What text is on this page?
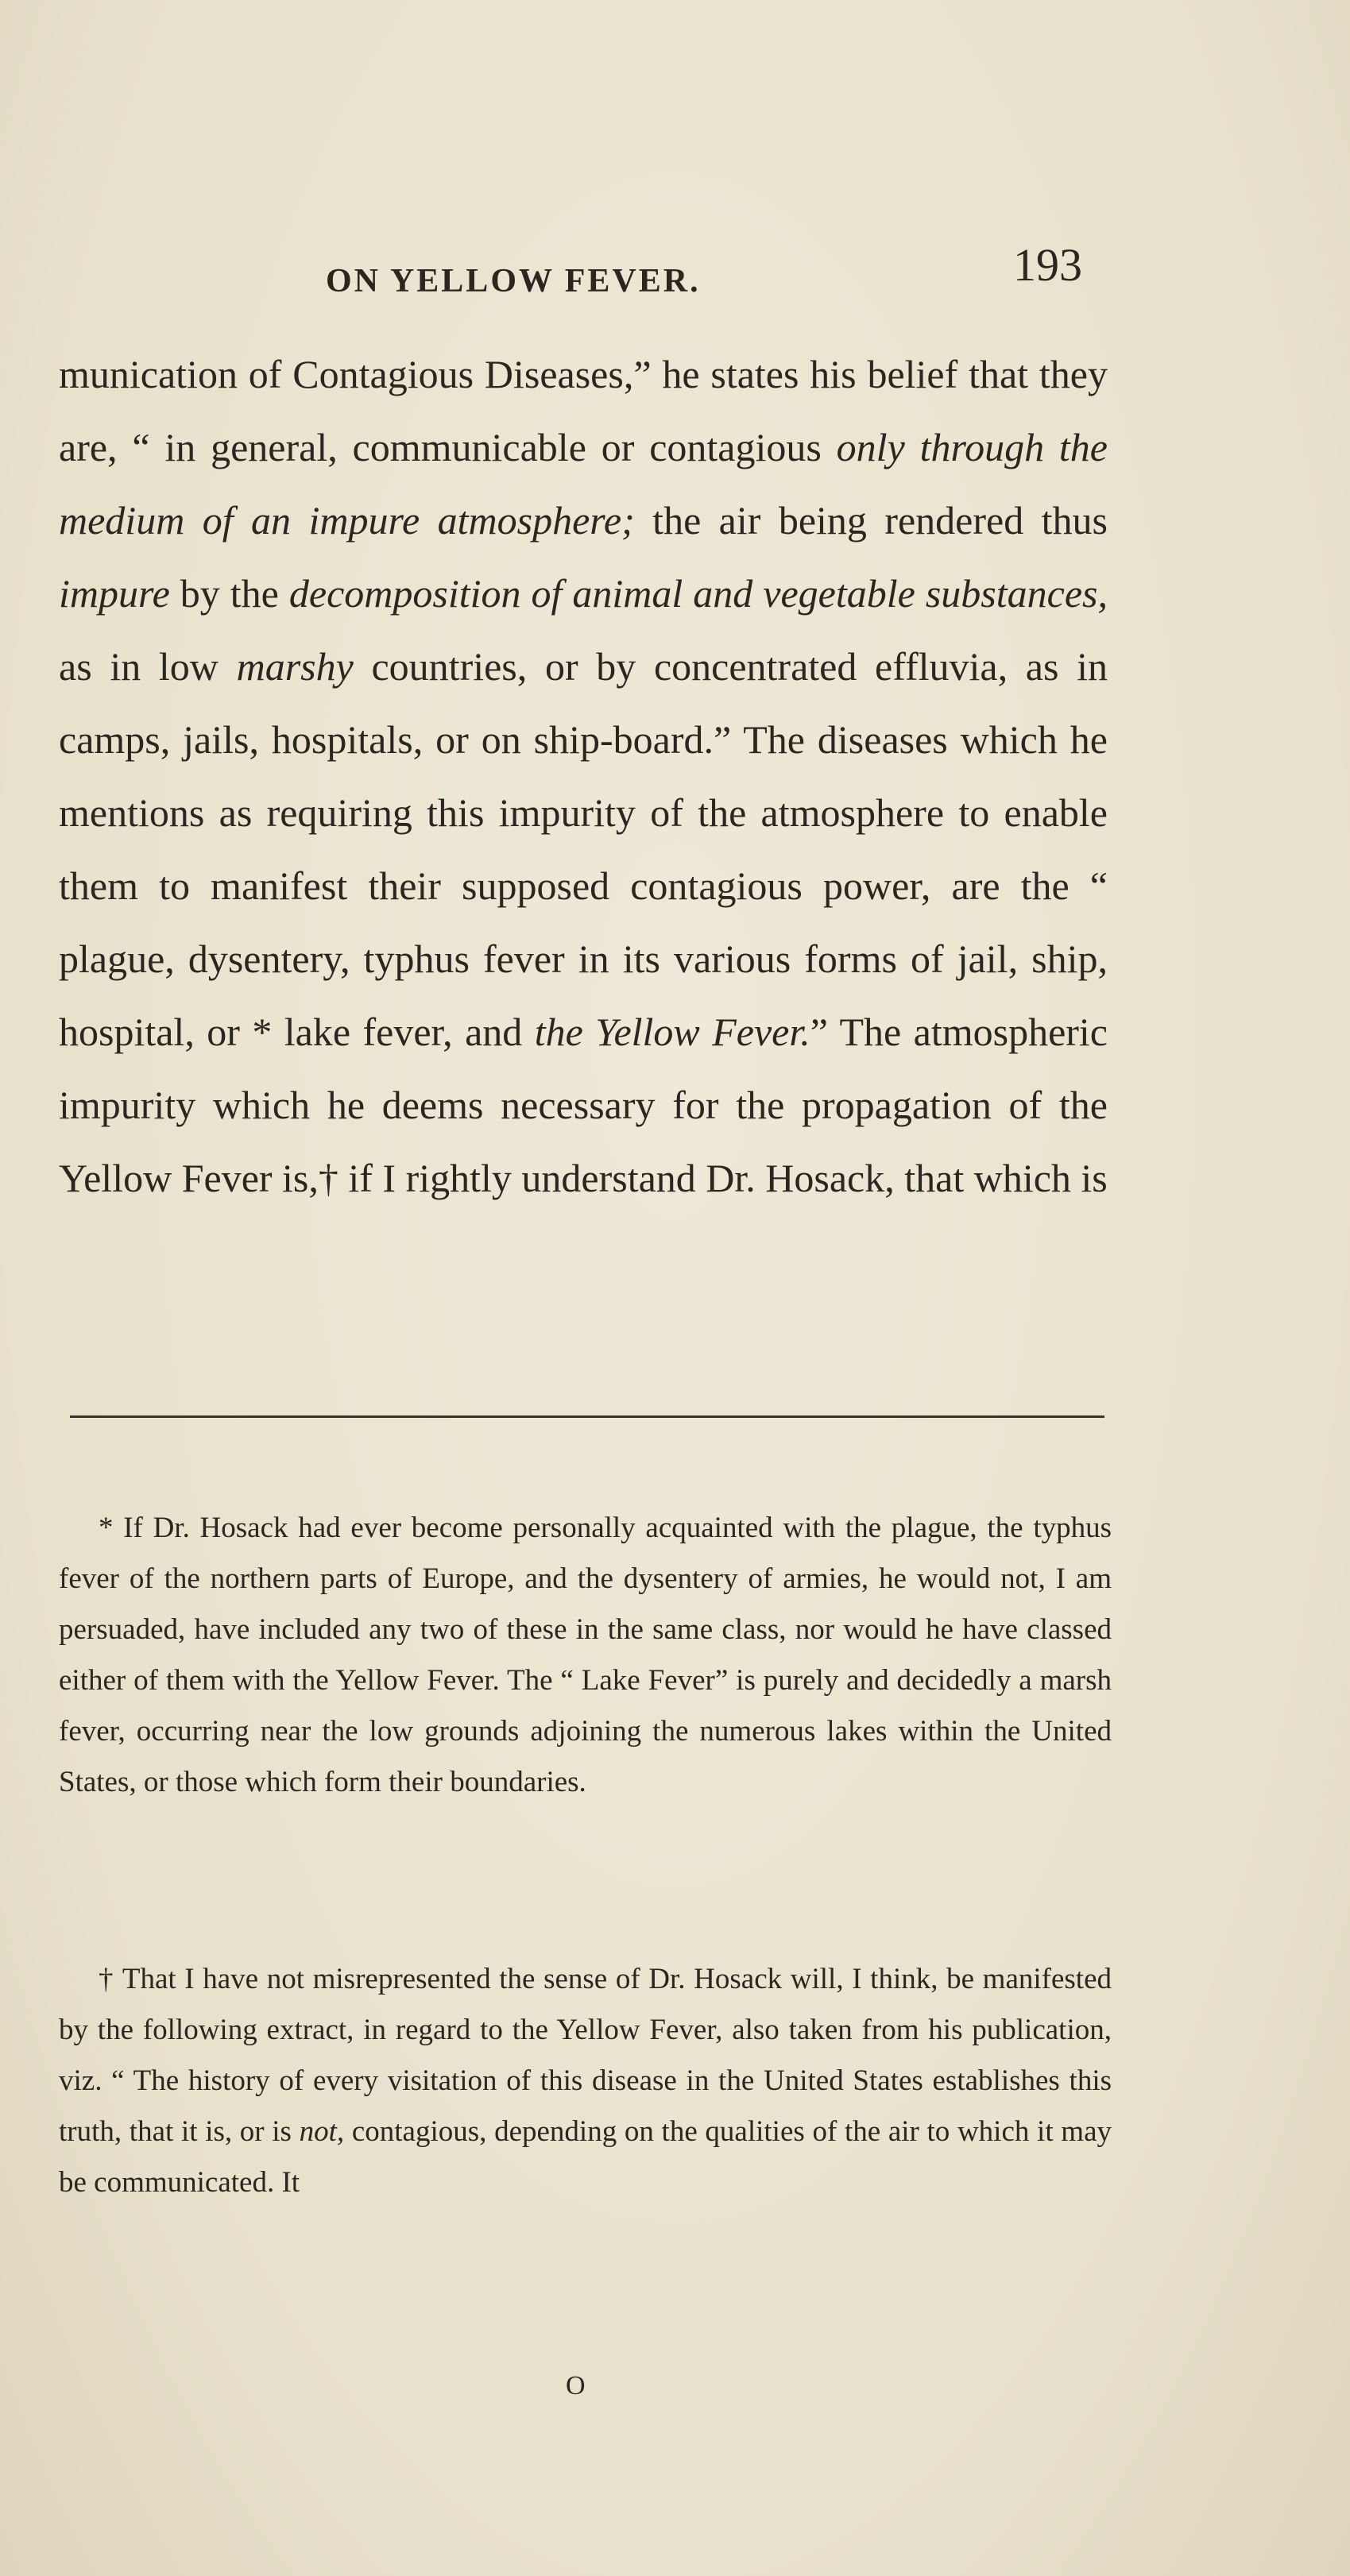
ON YELLOW FEVER.	193

munication of Contagious Diseases,” he states his belief that they are, “ in general, communicable or contagious only through the medium of an impure atmosphere; the air being rendered thus impure by the decomposition of animal and vegetable substances, as in low marshy countries, or by concentrated effluvia, as in camps, jails, hospitals, or on ship-board.” The diseases which he mentions as requiring this impurity of the atmosphere to enable them to manifest their supposed contagious power, are the “ plague, dysentery, typhus fever in its various forms of jail, ship, hospital, or * lake fever, and the Yellow Fever.” The atmospheric impurity which he deems necessary for the propagation of the Yellow Fever is,† if I rightly understand Dr. Hosack, that which is

* If Dr. Hosack had ever become personally acquainted with the plague, the typhus fever of the northern parts of Europe, and the dysentery of armies, he would not, I am persuaded, have included any two of these in the same class, nor would he have classed either of them with the Yellow Fever. The “ Lake Fever” is purely and decidedly a marsh fever, occurring near the low grounds adjoining the numerous lakes within the United States, or those which form their boundaries.

† That I have not misrepresented the sense of Dr. Hosack will, I think, be manifested by the following extract, in regard to the Yellow Fever, also taken from his publication, viz. “ The history of every visitation of this disease in the United States establishes this truth, that it is, or is not, contagious, depending on the qualities of the air to which it may be communicated. It

O
